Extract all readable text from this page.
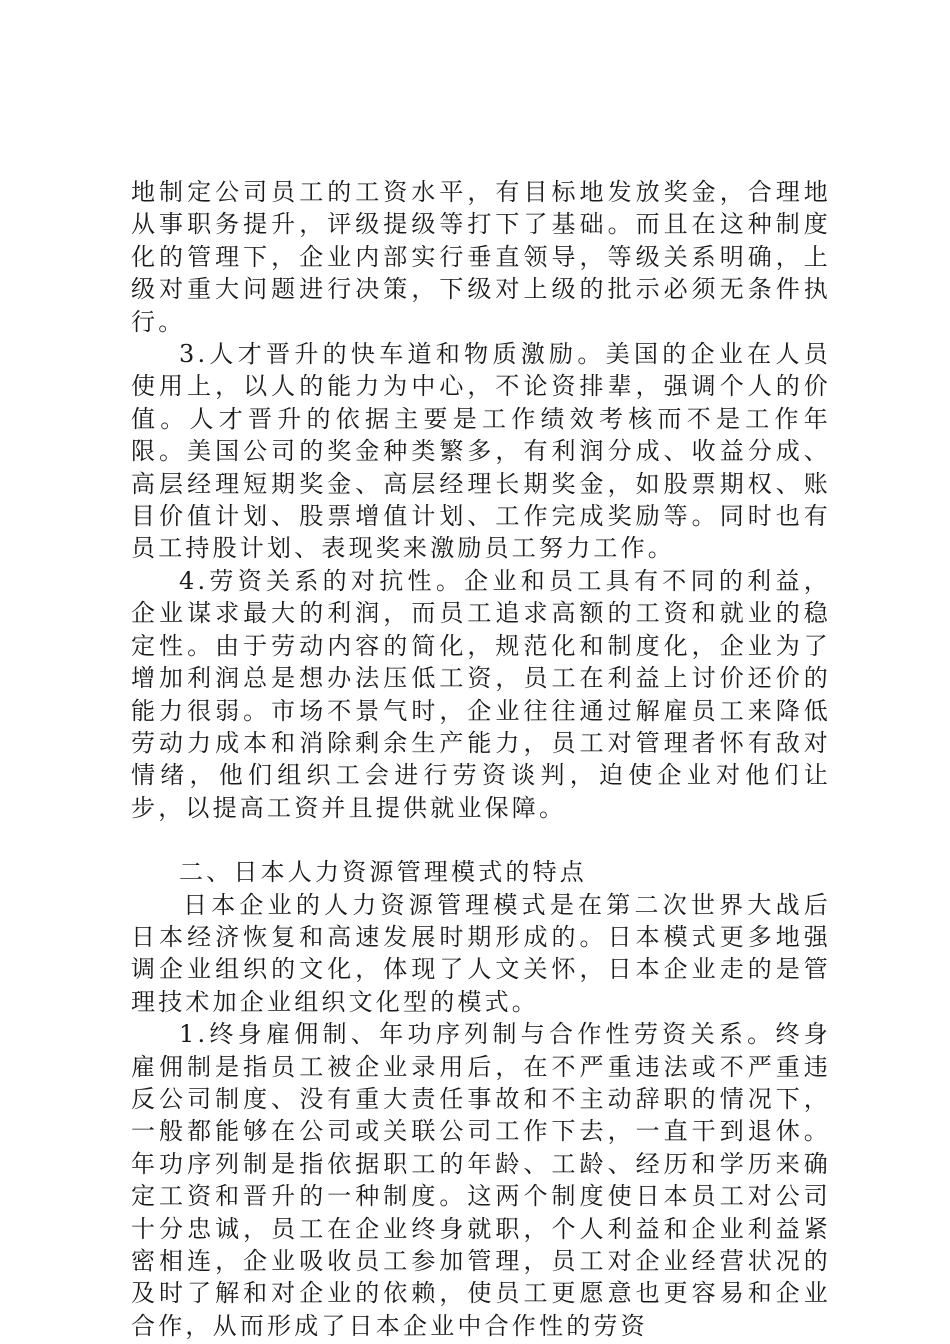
地制定公司员工的工资水平，有目标地发放奖金，合理地从事职务提升，评级提级等打下了基础。而且在这种制度化的管理下，企业内部实行垂直领导，等级关系明确，上级对重大问题进行决策，下级对上级的批示必须无条件执行。

3.人才晋升的快车道和物质激励。美国的企业在人员使用上，以人的能力为中心，不论资排辈，强调个人的价值。人才晋升的依据主要是工作绩效考核而不是工作年限。美国公司的奖金种类繁多，有利润分成、收益分成、高层经理短期奖金、高层经理长期奖金，如股票期权、账目价值计划、股票增值计划、工作完成奖励等。同时也有员工持股计划、表现奖来激励员工努力工作。

4.劳资关系的对抗性。企业和员工具有不同的利益，企业谋求最大的利润，而员工追求高额的工资和就业的稳定性。由于劳动内容的简化，规范化和制度化，企业为了增加利润总是想办法压低工资，员工在利益上讨价还价的能力很弱。市场不景气时，企业往往通过解雇员工来降低劳动力成本和消除剩余生产能力，员工对管理者怀有敌对情绪，他们组织工会进行劳资谈判，迫使企业对他们让步，以提高工资并且提供就业保障。

二、日本人力资源管理模式的特点

日本企业的人力资源管理模式是在第二次世界大战后日本经济恢复和高速发展时期形成的。日本模式更多地强调企业组织的文化，体现了人文关怀，日本企业走的是管理技术加企业组织文化型的模式。

1.终身雇佣制、年功序列制与合作性劳资关系。终身雇佣制是指员工被企业录用后，在不严重违法或不严重违反公司制度、没有重大责任事故和不主动辞职的情况下，一般都能够在公司或关联公司工作下去，一直干到退休。年功序列制是指依据职工的年龄、工龄、经历和学历来确定工资和晋升的一种制度。这两个制度使日本员工对公司十分忠诚，员工在企业终身就职，个人利益和企业利益紧密相连，企业吸收员工参加管理，员工对企业经营状况的及时了解和对企业的依赖，使员工更愿意也更容易和企业合作，从而形成了日本企业中合作性的劳资
